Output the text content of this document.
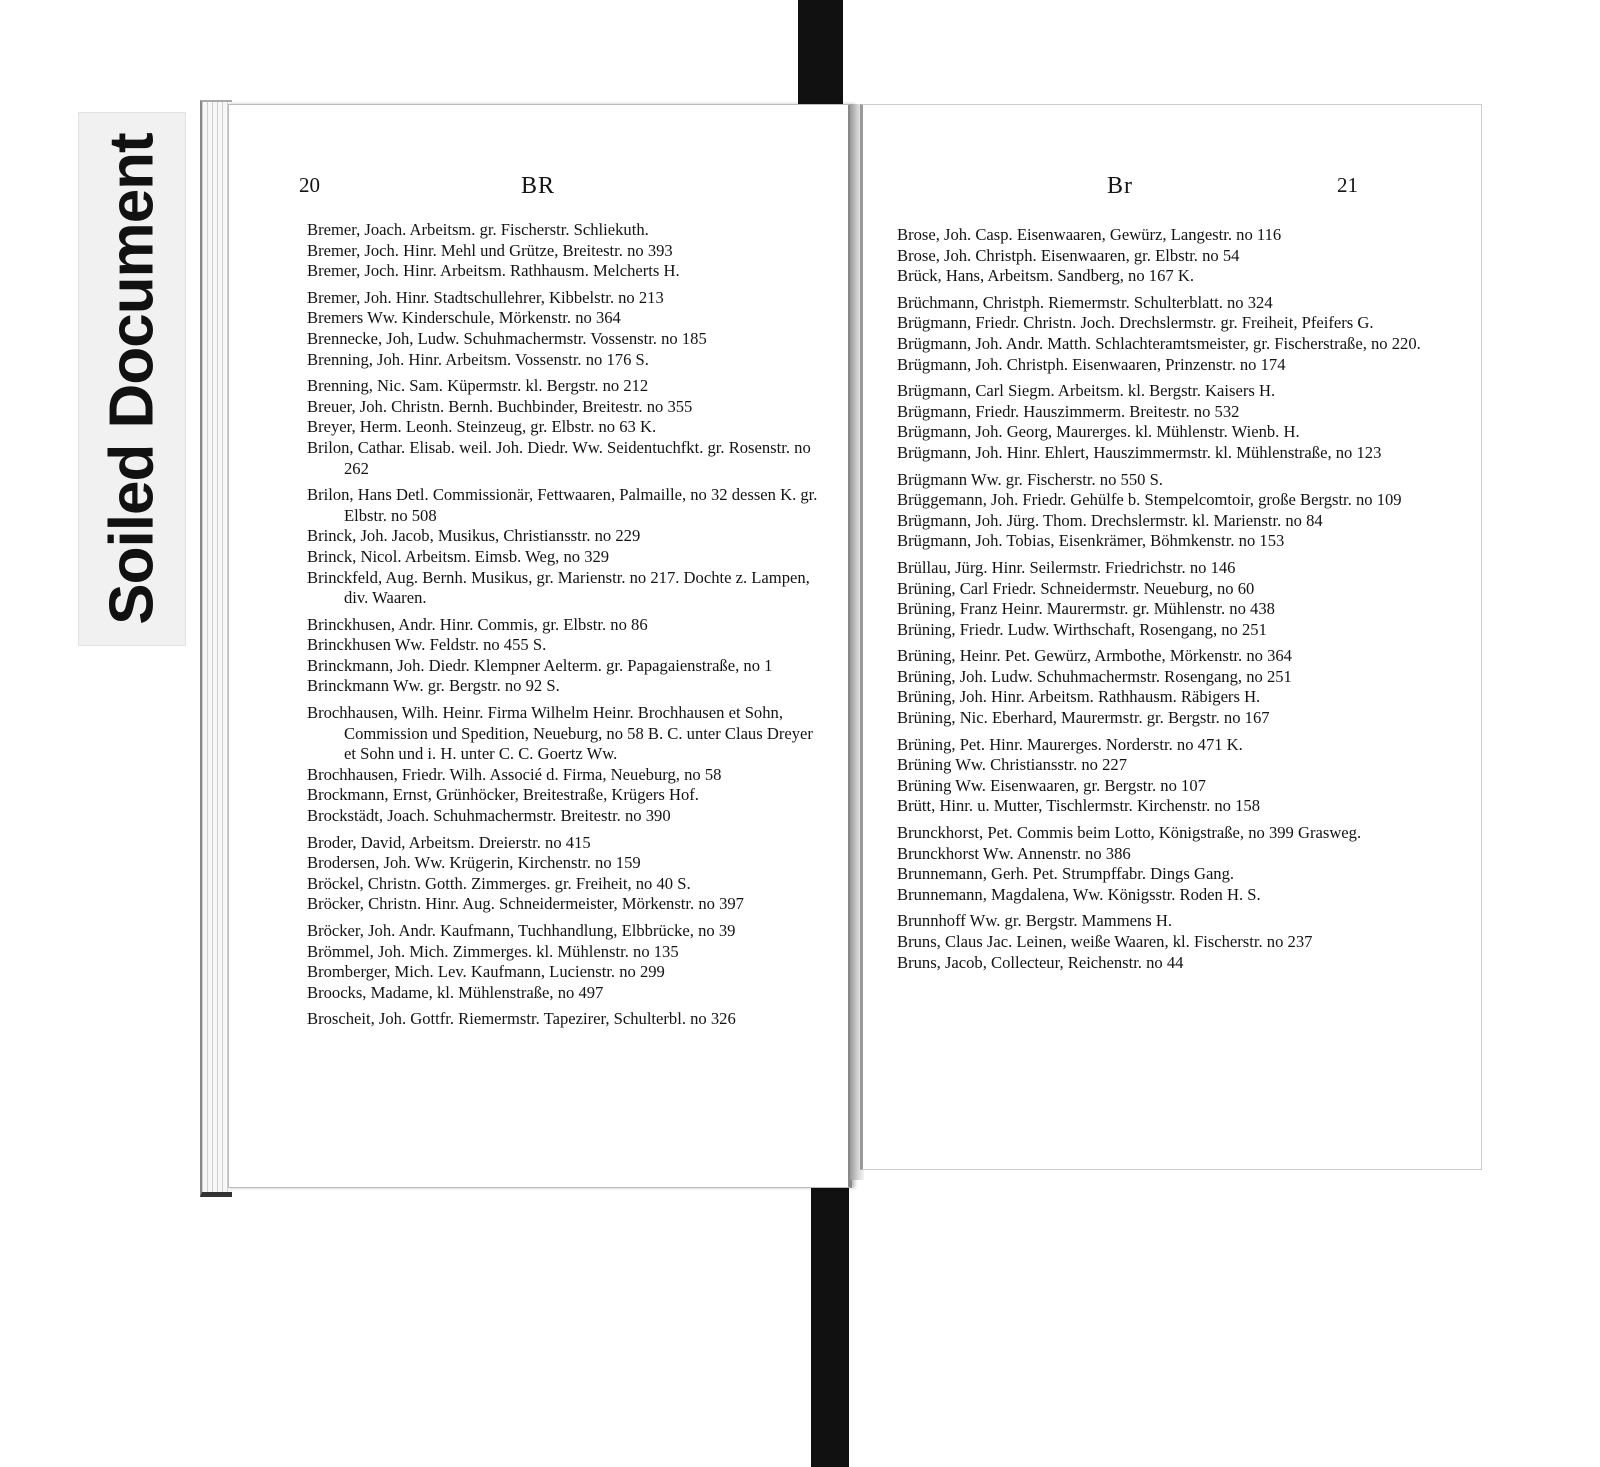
Soiled Document	20	BR
Bremer, Joach. Arbeitsm. gr. Fischerstr. Schliekuth.
Bremer, Joch. Hinr. Mehl und Grütze, Breitestr. no 393
Bremer, Joch. Hinr. Arbeitsm. Rathhausm. Melcherts H.
Bremer, Joh. Hinr. Stadtschullehrer, Kibbelstr. no 213
Bremers Ww. Kinderschule, Mörkenstr. no 364
Brennecke, Joh, Ludw. Schuhmachermstr. Vossenstr. no 185
Brenning, Joh. Hinr. Arbeitsm. Vossenstr. no 176 S.
Brenning, Nic. Sam. Küpermstr. kl. Bergstr. no 212
Breuer, Joh. Christn. Bernh. Buchbinder, Breitestr. no 355
Breyer, Herm. Leonh. Steinzeug, gr. Elbstr. no 63 K.
Brilon, Cathar. Elisab. weil. Joh. Diedr. Ww. Seidentuchfkt. gr. Rosenstr. no 262
Brilon, Hans Detl. Commissionär, Fettwaaren, Palmaille, no 32 dessen K. gr. Elbstr. no 508
Brinck, Joh. Jacob, Musikus, Christiansstr. no 229
Brinck, Nicol. Arbeitsm. Eimsb. Weg, no 329
Brinckfeld, Aug. Bernh. Musikus, gr. Marienstr. no 217. Dochte z. Lampen, div. Waaren.
Brinckhusen, Andr. Hinr. Commis, gr. Elbstr. no 86
Brinckhusen Ww. Feldstr. no 455 S.
Brinckmann, Joh. Diedr. Klempner Aelterm. gr. Papagaienstraße, no 1
Brinckmann Ww. gr. Bergstr. no 92 S.
Brochhausen, Wilh. Heinr. Firma Wilhelm Heinr. Brochhausen et Sohn, Commission und Spedition, Neueburg, no 58 B. C. unter Claus Dreyer et Sohn und i. H. unter C. C. Goertz Ww.
Brochhausen, Friedr. Wilh. Associé d. Firma, Neueburg, no 58
Brockmann, Ernst, Grünhöcker, Breitestraße, Krügers Hof.
Brockstädt, Joach. Schuhmachermstr. Breitestr. no 390
Broder, David, Arbeitsm. Dreierstr. no 415
Brodersen, Joh. Ww. Krügerin, Kirchenstr. no 159
Bröckel, Christn. Gotth. Zimmerges. gr. Freiheit, no 40 S.
Bröcker, Christn. Hinr. Aug. Schneidermeister, Mörkenstr. no 397
Bröcker, Joh. Andr. Kaufmann, Tuchhandlung, Elbbrücke, no 39
Brömmel, Joh. Mich. Zimmerges. kl. Mühlenstr. no 135
Bromberger, Mich. Lev. Kaufmann, Lucienstr. no 299
Broocks, Madame, kl. Mühlenstraße, no 497
Broscheit, Joh. Gottfr. Riemermstr. Tapezirer, Schulterbl. no 326
Br	21
Brose, Joh. Casp. Eisenwaaren, Gewürz, Langestr. no 116
Brose, Joh. Christph. Eisenwaaren, gr. Elbstr. no 54
Brück, Hans, Arbeitsm. Sandberg, no 167 K.
Brüchmann, Christph. Riemermstr. Schulterblatt. no 324
Brügmann, Friedr. Christn. Joch. Drechslermstr. gr. Freiheit, Pfeifers G.
Brügmann, Joh. Andr. Matth. Schlachteramtsmeister, gr. Fischerstraße, no 220.
Brügmann, Joh. Christph. Eisenwaaren, Prinzenstr. no 174
Brügmann, Carl Siegm. Arbeitsm. kl. Bergstr. Kaisers H.
Brügmann, Friedr. Hauszimmerm. Breitestr. no 532
Brügmann, Joh. Georg, Maurerges. kl. Mühlenstr. Wienb. H.
Brügmann, Joh. Hinr. Ehlert, Hauszimmermstr. kl. Mühlenstraße, no 123
Brügmann Ww. gr. Fischerstr. no 550 S.
Brüggemann, Joh. Friedr. Gehülfe b. Stempelcomtoir, große Bergstr. no 109
Brügmann, Joh. Jürg. Thom. Drechslermstr. kl. Marienstr. no 84
Brügmann, Joh. Tobias, Eisenkrämer, Böhmkenstr. no 153
Brüllau, Jürg. Hinr. Seilermstr. Friedrichstr. no 146
Brüning, Carl Friedr. Schneidermstr. Neueburg, no 60
Brüning, Franz Heinr. Maurermstr. gr. Mühlenstr. no 438
Brüning, Friedr. Ludw. Wirthschaft, Rosengang, no 251
Brüning, Heinr. Pet. Gewürz, Armbothe, Mörkenstr. no 364
Brüning, Joh. Ludw. Schuhmachermstr. Rosengang, no 251
Brüning, Joh. Hinr. Arbeitsm. Rathhausm. Räbigers H.
Brüning, Nic. Eberhard, Maurermstr. gr. Bergstr. no 167
Brüning, Pet. Hinr. Maurerges. Norderstr. no 471 K.
Brüning Ww. Christiansstr. no 227
Brüning Ww. Eisenwaaren, gr. Bergstr. no 107
Brütt, Hinr. u. Mutter, Tischlermstr. Kirchenstr. no 158
Brunckhorst, Pet. Commis beim Lotto, Königstraße, no 399 Grasweg.
Brunckhorst Ww. Annenstr. no 386
Brunnemann, Gerh. Pet. Strumpffabr. Dings Gang.
Brunnemann, Magdalena, Ww. Königsstr. Roden H. S.
Brunnhoff Ww. gr. Bergstr. Mammens H.
Bruns, Claus Jac. Leinen, weiße Waaren, kl. Fischerstr. no 237
Bruns, Jacob, Collecteur, Reichenstr. no 44
